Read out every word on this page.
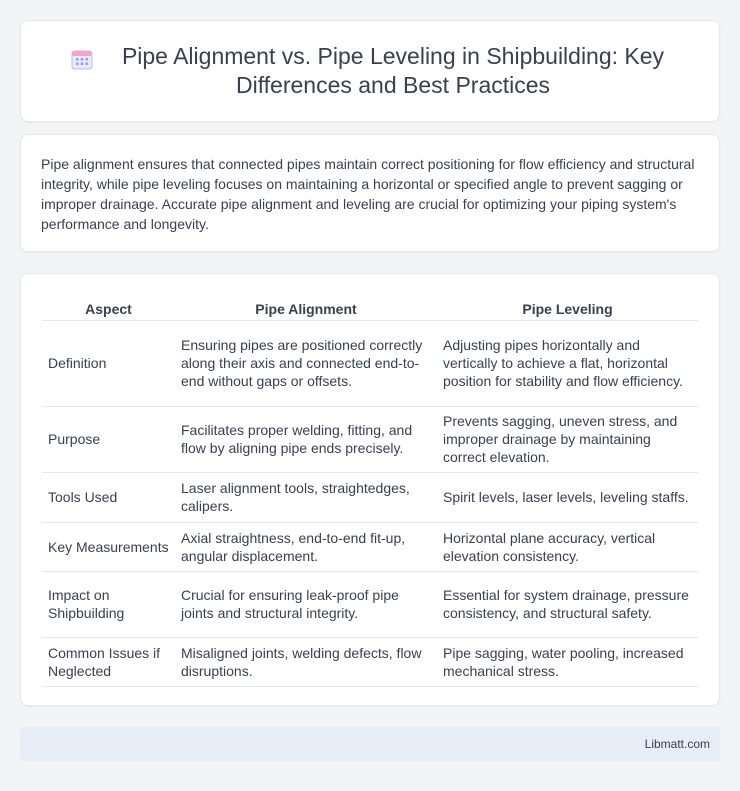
Pipe Alignment vs. Pipe Leveling in Shipbuilding: Key Differences and Best Practices

Pipe alignment ensures that connected pipes maintain correct positioning for flow efficiency and structural integrity, while pipe leveling focuses on maintaining a horizontal or specified angle to prevent sagging or improper drainage. Accurate pipe alignment and leveling are crucial for optimizing your piping system's performance and longevity.

Aspect	Pipe Alignment	Pipe Leveling
Definition	Ensuring pipes are positioned correctly along their axis and connected end-to-end without gaps or offsets.	Adjusting pipes horizontally and vertically to achieve a flat, horizontal position for stability and flow efficiency.
Purpose	Facilitates proper welding, fitting, and flow by aligning pipe ends precisely.	Prevents sagging, uneven stress, and improper drainage by maintaining correct elevation.
Tools Used	Laser alignment tools, straightedges, calipers.	Spirit levels, laser levels, leveling staffs.
Key Measurements	Axial straightness, end-to-end fit-up, angular displacement.	Horizontal plane accuracy, vertical elevation consistency.
Impact on Shipbuilding	Crucial for ensuring leak-proof pipe joints and structural integrity.	Essential for system drainage, pressure consistency, and structural safety.
Common Issues if Neglected	Misaligned joints, welding defects, flow disruptions.	Pipe sagging, water pooling, increased mechanical stress.
Libmatt.com
